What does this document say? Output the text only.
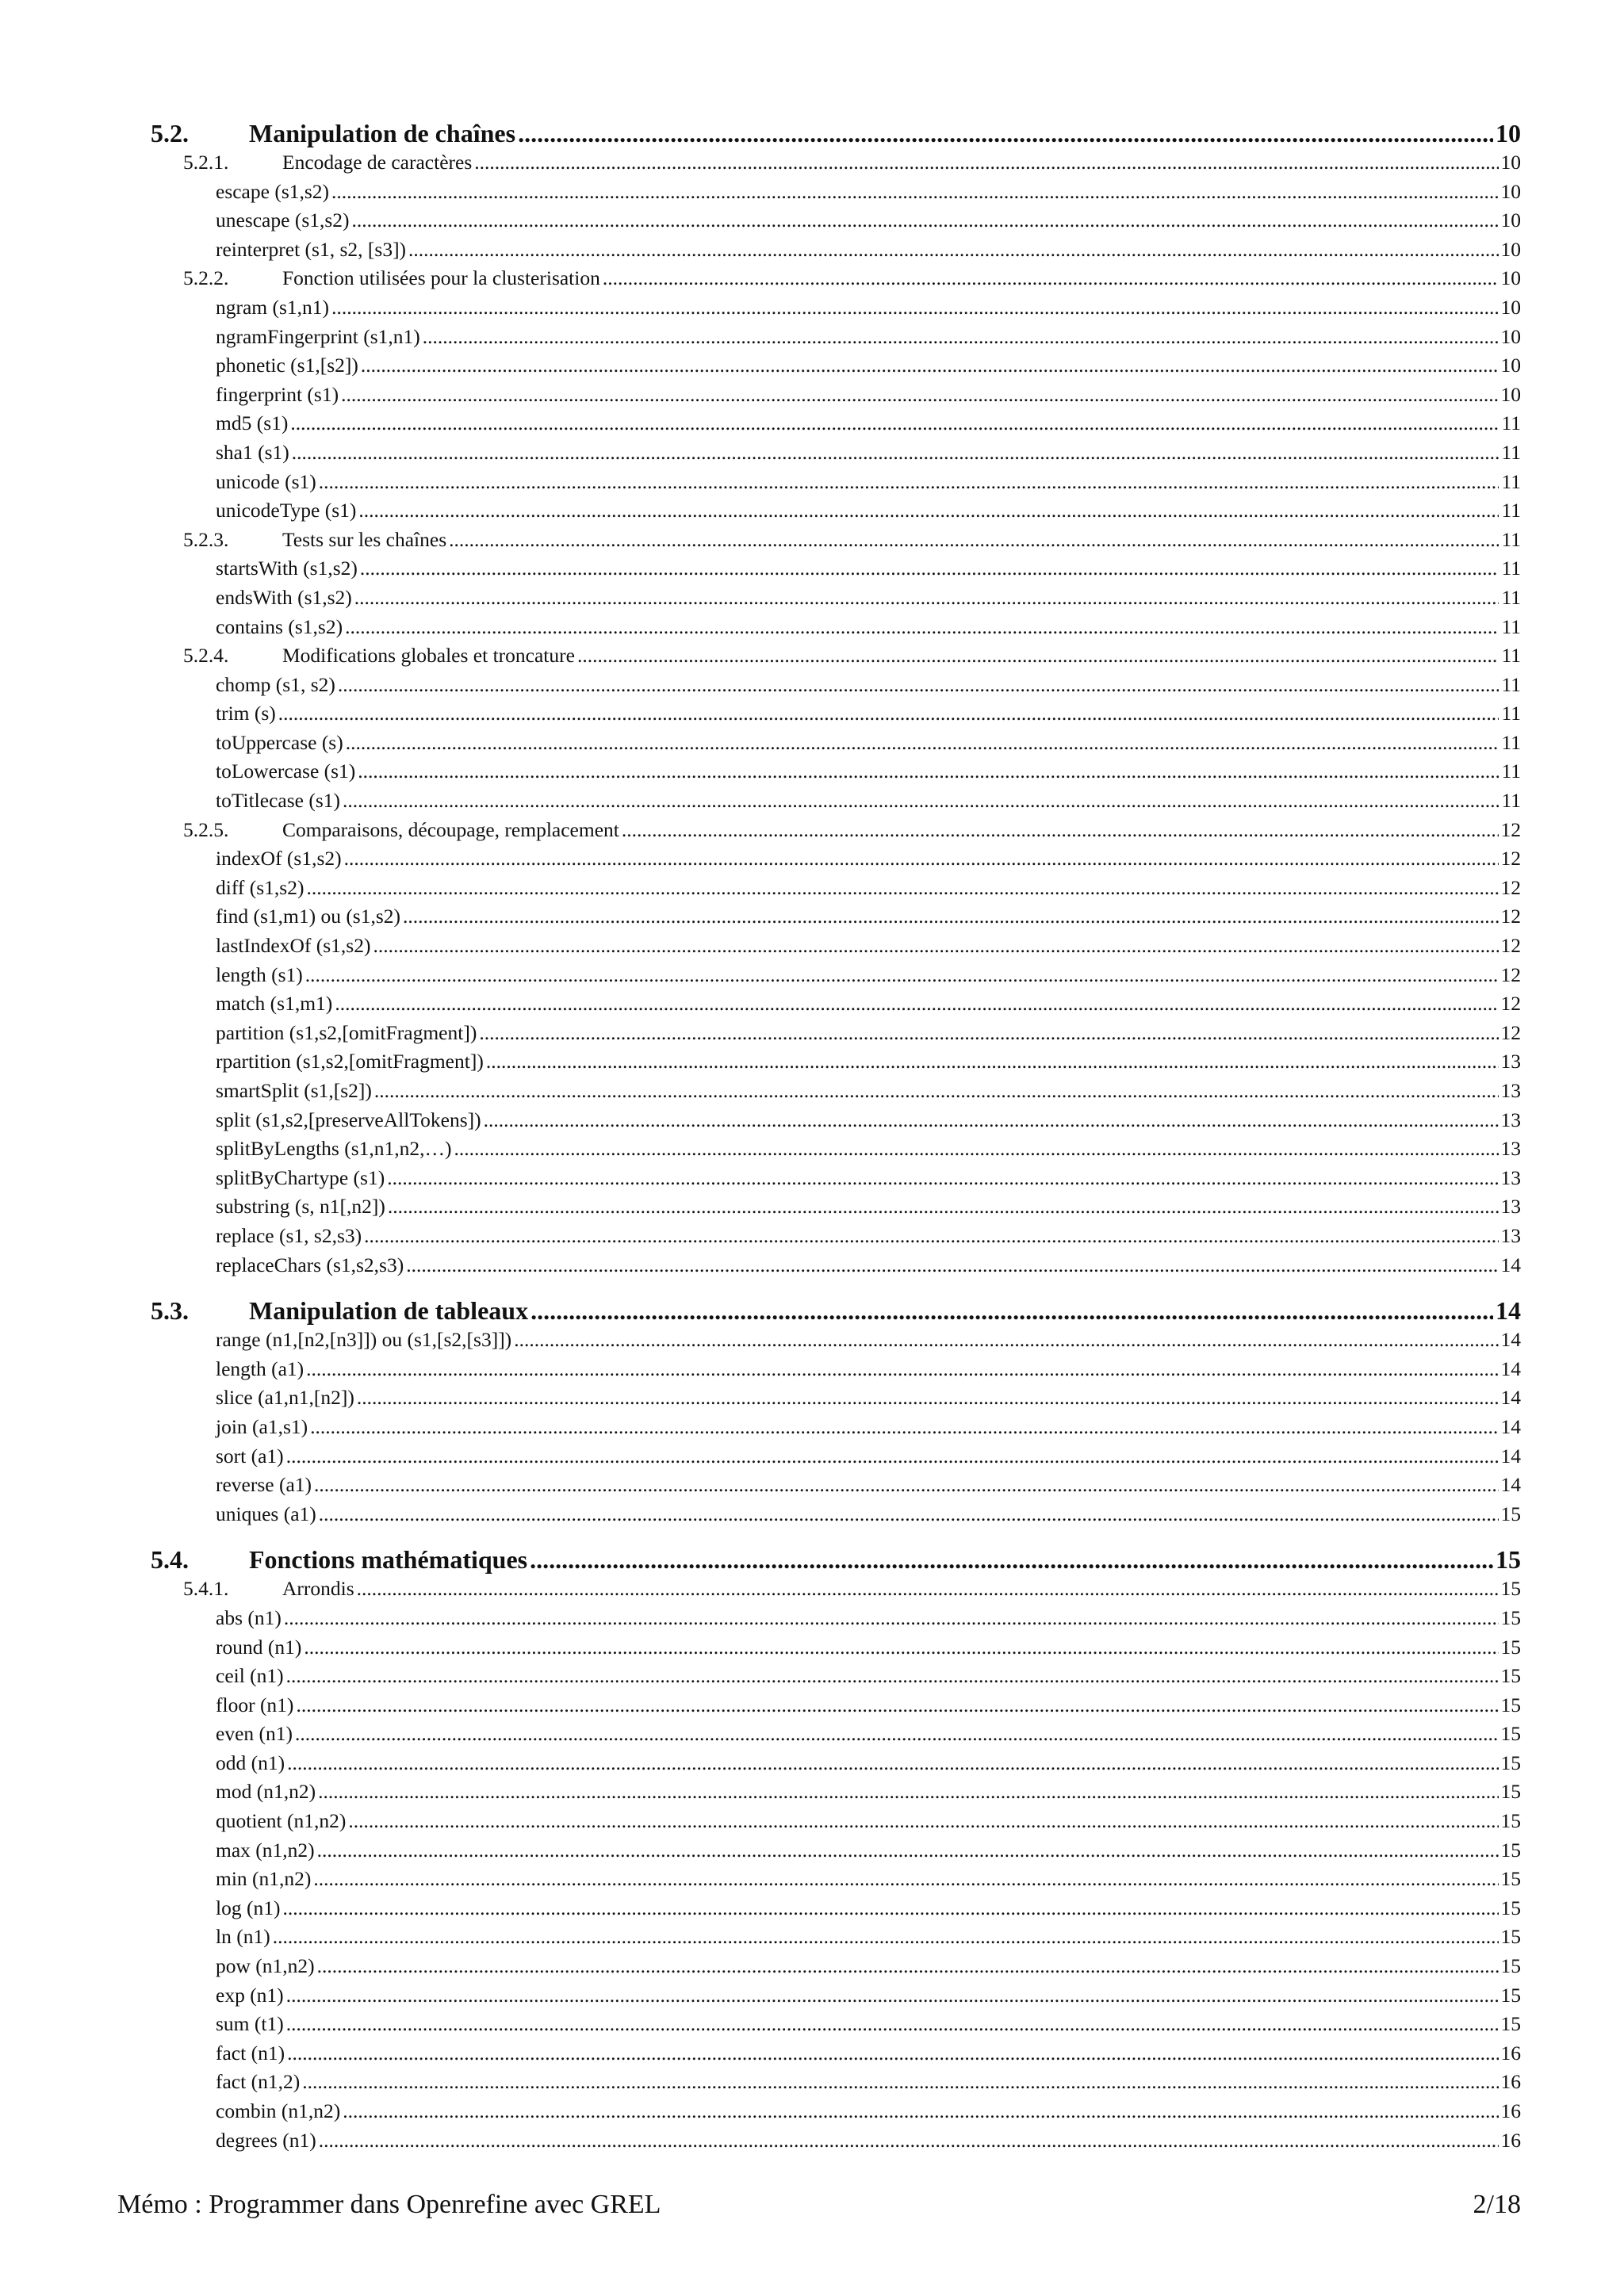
5.2. Manipulation de chaînes .....	10
5.2.1.	Encodage de caractères .....	10
escape (s1,s2) .....	10
unescape (s1,s2) .....	10
reinterpret (s1, s2, [s3]) .....	10
5.2.2.	Fonction utilisées pour la clusterisation .....	10
ngram (s1,n1) .....	10
ngramFingerprint (s1,n1) .....	10
phonetic (s1,[s2]) .....	10
fingerprint (s1) .....	10
md5 (s1) .....	11
sha1 (s1) .....	11
unicode (s1) .....	11
unicodeType (s1) .....	11
5.2.3.	Tests sur les chaînes .....	11
startsWith (s1,s2) .....	11
endsWith (s1,s2) .....	11
contains (s1,s2) .....	11
5.2.4.	Modifications globales et troncature .....	11
chomp (s1, s2) .....	11
trim (s) .....	11
toUppercase (s) .....	11
toLowercase (s1) .....	11
toTitlecase (s1) .....	11
5.2.5.	Comparaisons, découpage, remplacement .....	12
indexOf (s1,s2) .....	12
diff (s1,s2) .....	12
find (s1,m1) ou (s1,s2) .....	12
lastIndexOf (s1,s2) .....	12
length (s1) .....	12
match (s1,m1) .....	12
partition (s1,s2,[omitFragment]) .....	12
rpartition (s1,s2,[omitFragment]) .....	13
smartSplit (s1,[s2]) .....	13
split (s1,s2,[preserveAllTokens]) .....	13
splitByLengths (s1,n1,n2,…) .....	13
splitByChartype (s1) .....	13
substring (s, n1[,n2]) .....	13
replace (s1, s2,s3) .....	13
replaceChars (s1,s2,s3) .....	14
5.3. Manipulation de tableaux .....	14
range (n1,[n2,[n3]]) ou (s1,[s2,[s3]]) .....	14
length (a1) .....	14
slice (a1,n1,[n2]) .....	14
join (a1,s1) .....	14
sort (a1) .....	14
reverse (a1) .....	14
uniques (a1) .....	15
5.4. Fonctions mathématiques .....	15
5.4.1.	Arrondis .....	15
abs (n1) .....	15
round (n1) .....	15
ceil (n1) .....	15
floor (n1) .....	15
even (n1) .....	15
odd (n1) .....	15
mod (n1,n2) .....	15
quotient (n1,n2) .....	15
max (n1,n2) .....	15
min (n1,n2) .....	15
log (n1) .....	15
ln (n1) .....	15
pow (n1,n2) .....	15
exp (n1) .....	15
sum (t1) .....	15
fact (n1) .....	16
fact (n1,2) .....	16
combin (n1,n2) .....	16
degrees (n1) .....	16
Mémo : Programmer dans Openrefine avec GREL	2/18
